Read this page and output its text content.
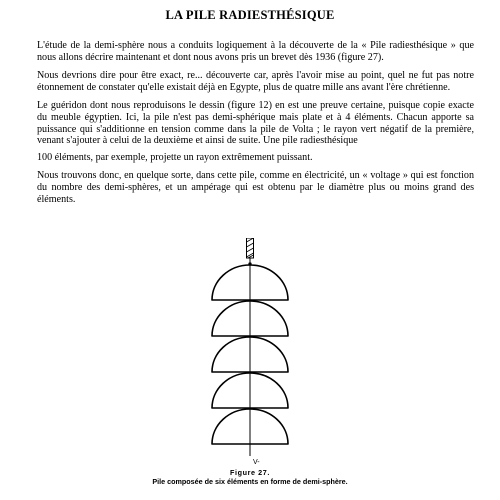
LA PILE RADIESTHÉSIQUE

L'étude de la demi-sphère nous a conduits logiquement à la découverte de la « Pile radiesthésique » que nous allons décrire maintenant et dont nous avons pris un brevet dès 1936 (figure 27).

Nous devrions dire pour être exact, re... découverte car, après l'avoir mise au point, quel ne fut pas notre étonnement de constater qu'elle existait déjà en Egypte, plus de quatre mille ans avant l'ère chrétienne.

Le guéridon dont nous reproduisons le dessin (figure 12) en est une preuve certaine, puisque copie exacte du meuble égyptien. Ici, la pile n'est pas demi-sphérique mais plate et à 4 éléments. Chacun apporte sa puissance qui s'additionne en tension comme dans la pile de Volta ; le rayon vert négatif de la première, venant s'ajouter à celui de la deuxième et ainsi de suite. Une pile radiesthésique

100 éléments, par exemple, projette un rayon extrêmement puissant.

Nous trouvons donc, en quelque sorte, dans cette pile, comme en électricité, un « voltage » qui est fonction du nombre des demi-sphères, et un ampérage qui est obtenu par le diamètre plus ou moins grand des éléments.

V-
Figure 27.
Pile composée de six éléments en forme de demi-sphère.
